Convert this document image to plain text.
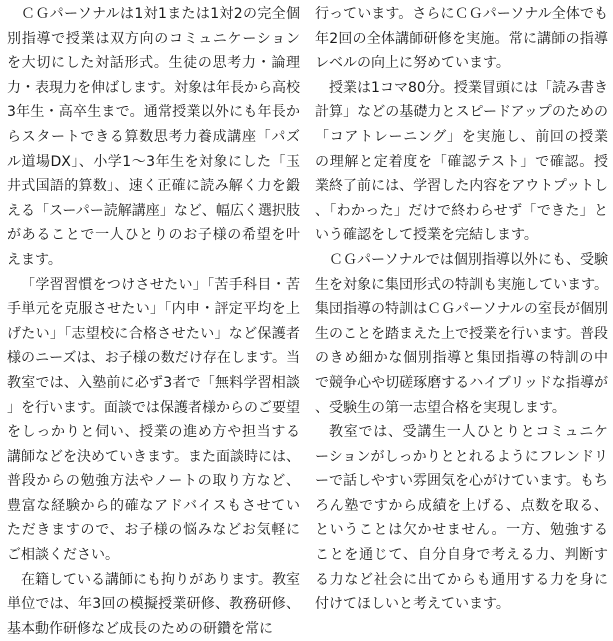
ＣＧパーソナルは1対1または1対2の完全個別指導で授業は双方向のコミュニケーションを大切にした対話形式。生徒の思考力・論理力・表現力を伸ばします。対象は年長から高校3年生・高卒生まで。通常授業以外にも年長からスタートできる算数思考力養成講座「パズル道場DX」、小学1〜3年生を対象にした「玉井式国語的算数」、速く正確に読み解く力を鍛える「スーパー読解講座」など、幅広く選択肢があることで一人ひとりのお子様の希望を叶えます。

「学習習慣をつけさせたい」「苦手科目・苦手単元を克服させたい」「内申・評定平均を上げたい」「志望校に合格させたい」など保護者様のニーズは、お子様の数だけ存在します。当教室では、入塾前に必ず3者で「無料学習相談」を行います。面談では保護者様からのご要望をしっかりと伺い、授業の進め方や担当する講師などを決めていきます。また面談時には、普段からの勉強方法やノートの取り方など、豊富な経験から的確なアドバイスもさせていただきますので、お子様の悩みなどお気軽にご相談ください。

在籍している講師にも拘りがあります。教室単位では、年3回の模擬授業研修、教務研修、基本動作研修など成長のための研鑽を常に

行っています。さらにＣＧパーソナル全体でも年2回の全体講師研修を実施。常に講師の指導レベルの向上に努めています。

授業は1コマ80分。授業冒頭には「読み書き計算」などの基礎力とスピードアップのための「コアトレーニング」を実施し、前回の授業の理解と定着度を「確認テスト」で確認。授業終了前には、学習した内容をアウトプットし、「わかった」だけで終わらせず「できた」という確認をして授業を完結します。

ＣＧパーソナルでは個別指導以外にも、受験生を対象に集団形式の特訓も実施しています。集団指導の特訓はＣＧパーソナルの室長が個別生のことを踏まえた上で授業を行います。普段のきめ細かな個別指導と集団指導の特訓の中で競争心や切磋琢磨するハイブリッドな指導が、受験生の第一志望合格を実現します。

教室では、受講生一人ひとりとコミュニケーションがしっかりととれるようにフレンドリーで話しやすい雰囲気を心がけています。もちろん塾ですから成績を上げる、点数を取る、ということは欠かせません。一方、勉強することを通じて、自分自身で考える力、判断する力など社会に出てからも通用する力を身に付けてほしいと考えています。
